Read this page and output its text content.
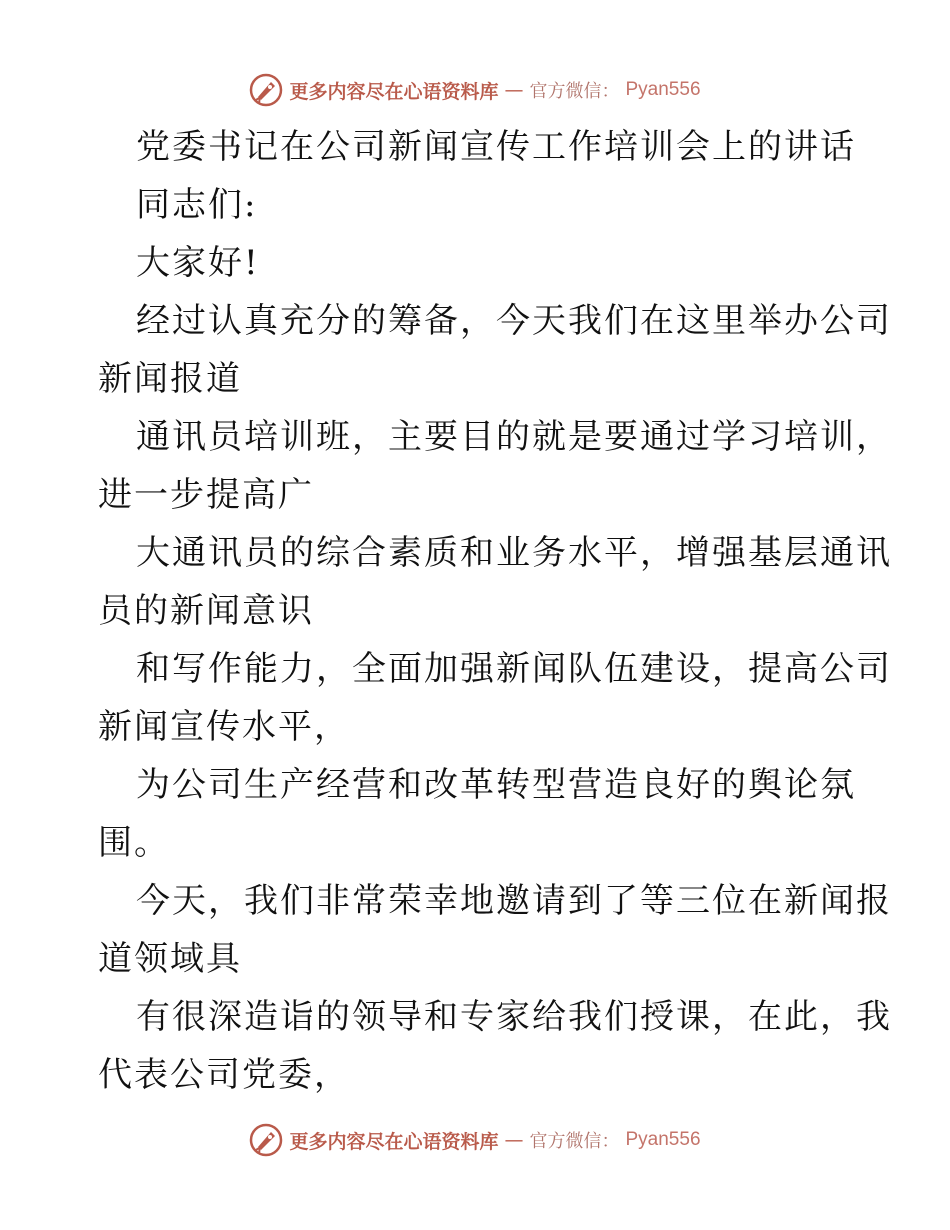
更多内容尽在心语资料库 — 官方微信： Pyan556
党委书记在公司新闻宣传工作培训会上的讲话
同志们:
大家好!
经过认真充分的筹备，今天我们在这里举办公司
新闻报道
通讯员培训班，主要目的就是要通过学习培训，
进一步提高广
大通讯员的综合素质和业务水平，增强基层通讯
员的新闻意识
和写作能力，全面加强新闻队伍建设，提高公司
新闻宣传水平，
为公司生产经营和改革转型营造良好的舆论氛
围。
今天，我们非常荣幸地邀请到了等三位在新闻报
道领域具
有很深造诣的领导和专家给我们授课，在此，我
代表公司党委，
更多内容尽在心语资料库 — 官方微信： Pyan556
